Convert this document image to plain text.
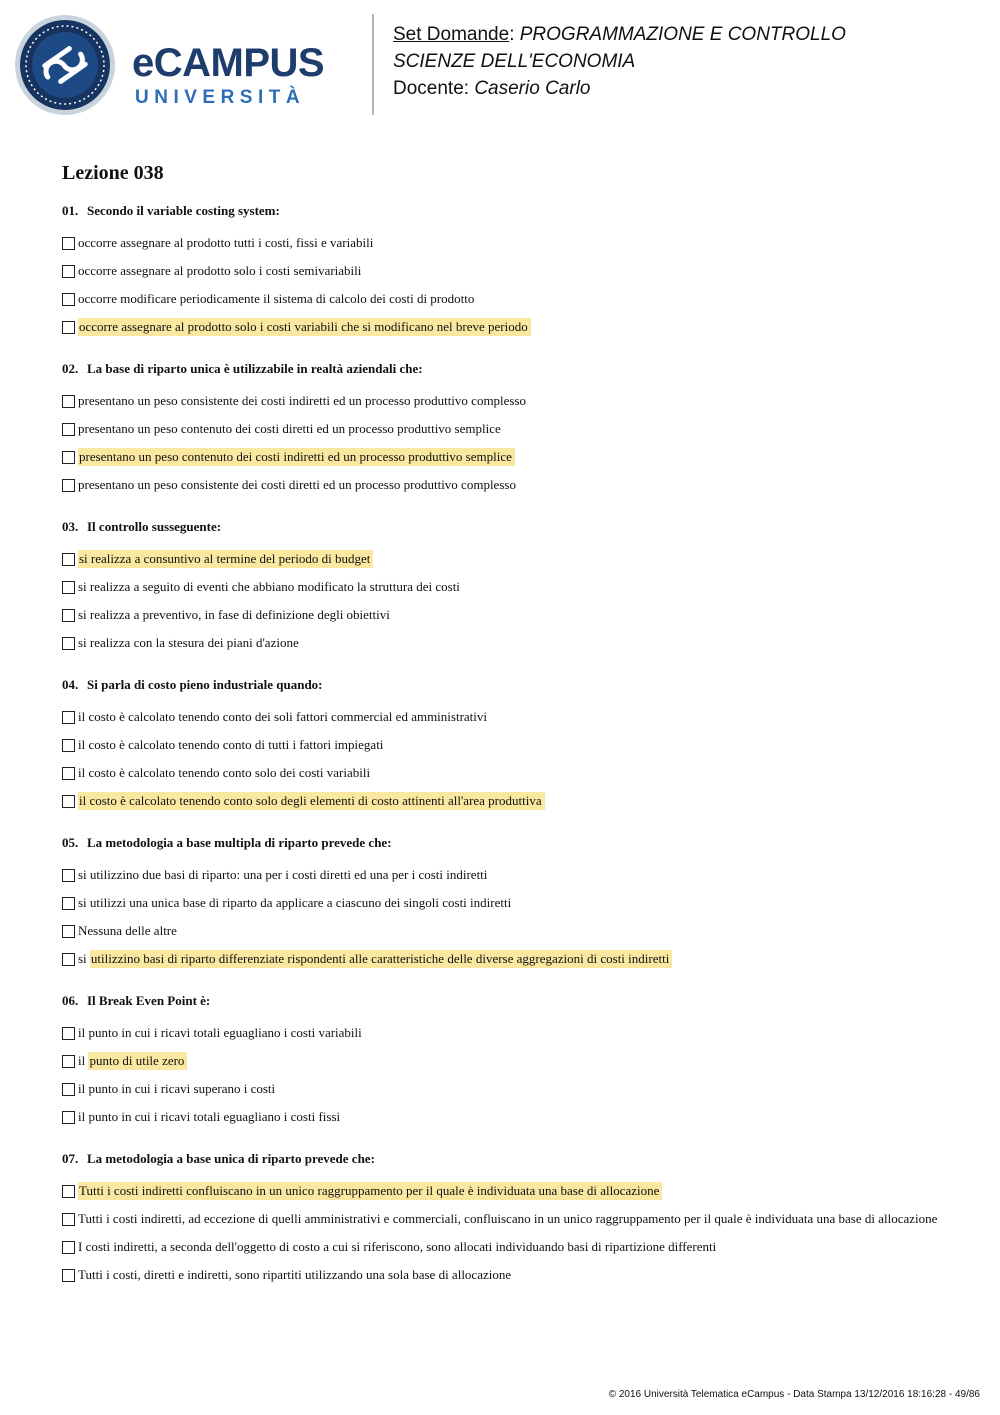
eCAMPUS
UNIVERSITÀ
Set Domande: PROGRAMMAZIONE E CONTROLLO
SCIENZE DELL'ECONOMIA
Docente: Caserio Carlo
Lezione 038
01. Secondo il variable costing system:
occorre assegnare al prodotto tutti i costi, fissi e variabili
occorre assegnare al prodotto solo i costi semivariabili
occorre modificare periodicamente il sistema di calcolo dei costi di prodotto
occorre assegnare al prodotto solo i costi variabili che si modificano nel breve periodo
02. La base di riparto unica è utilizzabile in realtà aziendali che:
presentano un peso consistente dei costi indiretti ed un processo produttivo complesso
presentano un peso contenuto dei costi diretti ed un processo produttivo semplice
presentano un peso contenuto dei costi indiretti ed un processo produttivo semplice
presentano un peso consistente dei costi diretti ed un processo produttivo complesso
03. Il controllo susseguente:
si realizza a consuntivo al termine del periodo di budget
si realizza a seguito di eventi che abbiano modificato la struttura dei costi
si realizza a preventivo, in fase di definizione degli obiettivi
si realizza con la stesura dei piani d'azione
04. Si parla di costo pieno industriale quando:
il costo è calcolato tenendo conto dei soli fattori commercial ed amministrativi
il costo è calcolato tenendo conto di tutti i fattori impiegati
il costo è calcolato tenendo conto solo dei costi variabili
il costo è calcolato tenendo conto solo degli elementi di costo attinenti all'area produttiva
05. La metodologia a base multipla di riparto prevede che:
si utilizzino due basi di riparto: una per i costi diretti ed una per i costi indiretti
si utilizzi una unica base di riparto da applicare a ciascuno dei singoli costi indiretti
Nessuna delle altre
si utilizzino basi di riparto differenziate rispondenti alle caratteristiche delle diverse aggregazioni di costi indiretti
06. Il Break Even Point è:
il punto in cui i ricavi totali eguagliano i costi variabili
il punto di utile zero
il punto in cui i ricavi superano i costi
il punto in cui i ricavi totali eguagliano i costi fissi
07. La metodologia a base unica di riparto prevede che:
Tutti i costi indiretti confluiscano in un unico raggruppamento per il quale è individuata una base di allocazione
Tutti i costi indiretti, ad eccezione di quelli amministrativi e commerciali, confluiscano in un unico raggruppamento per il quale è individuata una base di allocazione
I costi indiretti, a seconda dell'oggetto di costo a cui si riferiscono, sono allocati individuando basi di ripartizione differenti
Tutti i costi, diretti e indiretti, sono ripartiti utilizzando una sola base di allocazione
© 2016 Università Telematica eCampus - Data Stampa 13/12/2016 18:16:28 - 49/86
